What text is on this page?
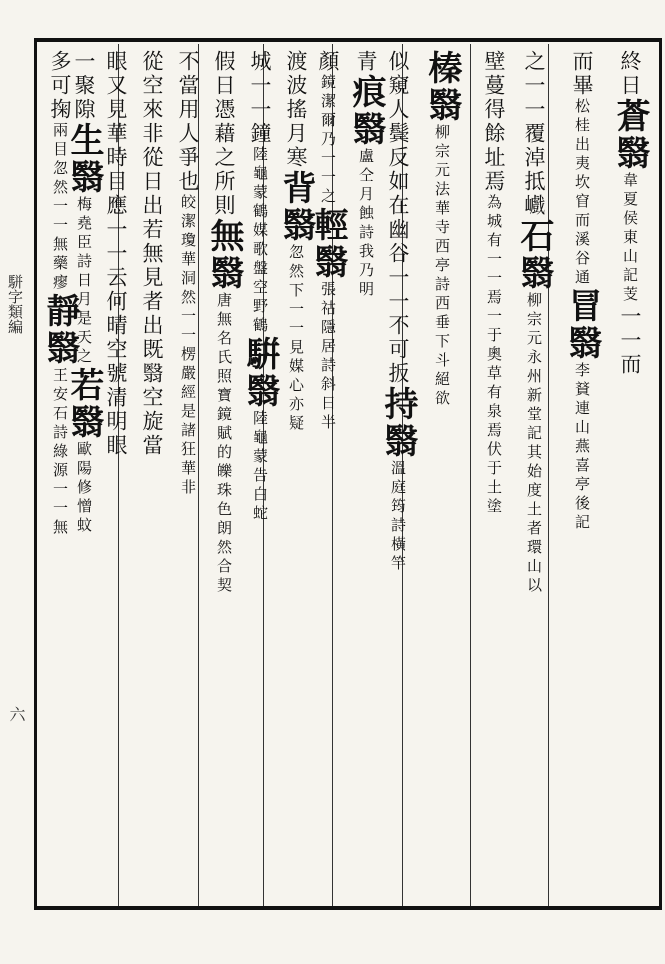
駢字類編
六
終日蒼翳韋夏侯東山記芰一一而
而畢松桂出夷坎窅而溪谷通冒翳李䝺連山燕喜亭後記
之一一覆淖抵巇石翳柳宗元永州新堂記其始度土者環山以
壁蔓得餘址焉為城有一一焉一于奧草有泉焉伏于土塗
榛翳柳宗元法華寺西亭詩西垂下斗絕欲
似窺人鬓反如在幽谷一一不可扳持翳溫庭筠詩橫竿
青痕翳盧仝月蝕詩我乃明
顏鏡潔爾乃一一之輕翳張祜隱居詩斜日半
渡波搖月寒背翳忽然下一一見媒心亦疑
城一一鐘陸龜蒙鶴媒歌盤空野鶴騈翳陸龜蒙告白蛇
假日憑藉之所則無翳唐無名氏照寶鏡賦的皪珠色朗然合契
不當用人爭也皎潔瓊華洞然一一楞嚴經是諸狂華非
從空來非從日出若無見者出既翳空旋當
眼又見華時目應一一云何晴空號清明眼
一聚隙生翳梅堯臣詩日月是天之若翳歐陽修憎蚊
多可掬兩目忽然一一無藥瘳靜翳王安石詩綠源一一無
